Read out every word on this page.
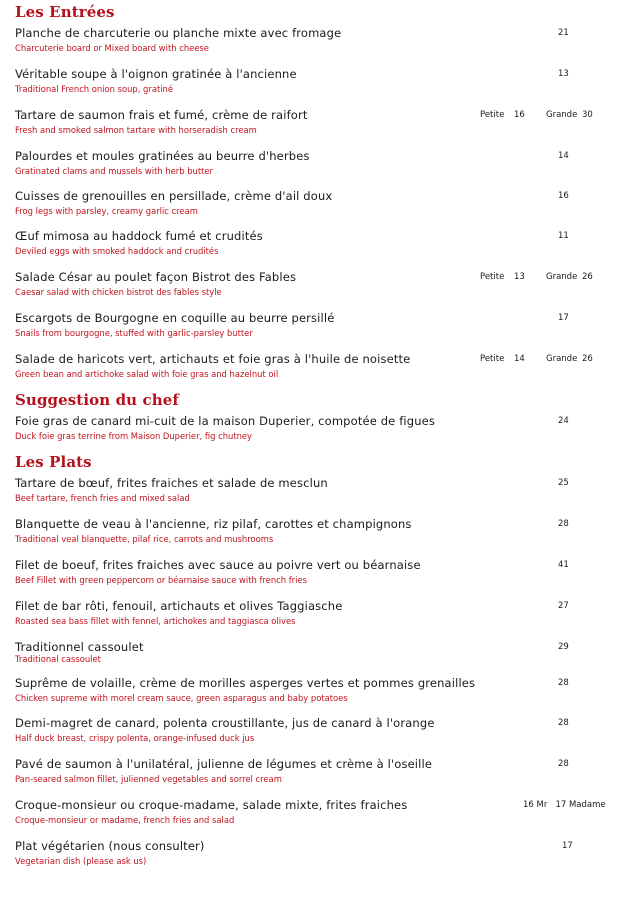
Les Entrées
Planche de charcuterie ou planche mixte avec fromage
Charcuterie board or Mixed board with cheese
21
Véritable soupe à l'oignon gratinée à l'ancienne
Traditional French onion soup, gratiné
13
Tartare de saumon frais et fumé, crème de raifort
Fresh and smoked salmon tartare with horseradish cream
Petite 16 Grande 30
Palourdes et moules gratinées au beurre d'herbes
Gratinated clams and mussels with herb butter
14
Cuisses de grenouilles en persillade, crème d'ail doux
Frog legs with parsley, creamy garlic cream
16
Œuf mimosa au haddock fumé et crudités
Deviled eggs with smoked haddock and crudités
11
Salade César au poulet façon Bistrot des Fables
Caesar salad with chicken bistrot des fables style
Petite 13 Grande 26
Escargots de Bourgogne en coquille au beurre persillé
Snails from bourgogne, stuffed with garlic-parsley butter
17
Salade de haricots vert, artichauts et foie gras à l'huile de noisette
Green bean and artichoke salad with foie gras and hazelnut oil
Petite 14 Grande 26
Suggestion du chef
Foie gras de canard mi-cuit de la maison Duperier, compotée de figues
Duck foie gras terrine from Maison Duperier, fig chutney
24
Les Plats
Tartare de bœuf, frites fraiches et salade de mesclun
Beef tartare, french fries and mixed salad
25
Blanquette de veau à l'ancienne, riz pilaf, carottes et champignons
Traditional veal blanquette, pilaf rice, carrots and mushrooms
28
Filet de boeuf, frites fraiches avec sauce au poivre vert ou béarnaise
Beef Fillet with green peppercorn or béarnaise sauce with french fries
41
Filet de bar rôti, fenouil, artichauts et olives Taggiasche
Roasted sea bass fillet with fennel, artichokes and taggiasca olives
27
Traditionnel cassoulet
Traditional cassoulet
29
Suprême de volaille, crème de morilles asperges vertes et pommes grenailles
Chicken supreme with morel cream sauce, green asparagus and baby potatoes
28
Demi-magret de canard, polenta croustillante, jus de canard à l'orange
Half duck breast, crispy polenta, orange-infused duck jus
28
Pavé de saumon à l'unilatéral, julienne de légumes et crème à l'oseille
Pan-seared salmon fillet, julienned vegetables and sorrel cream
28
Croque-monsieur ou croque-madame, salade mixte, frites fraiches
Croque-monsieur or madame, french fries and salad
16 Mr   17 Madame
Plat végétarien (nous consulter)
Vegetarian dish (please ask us)
17
